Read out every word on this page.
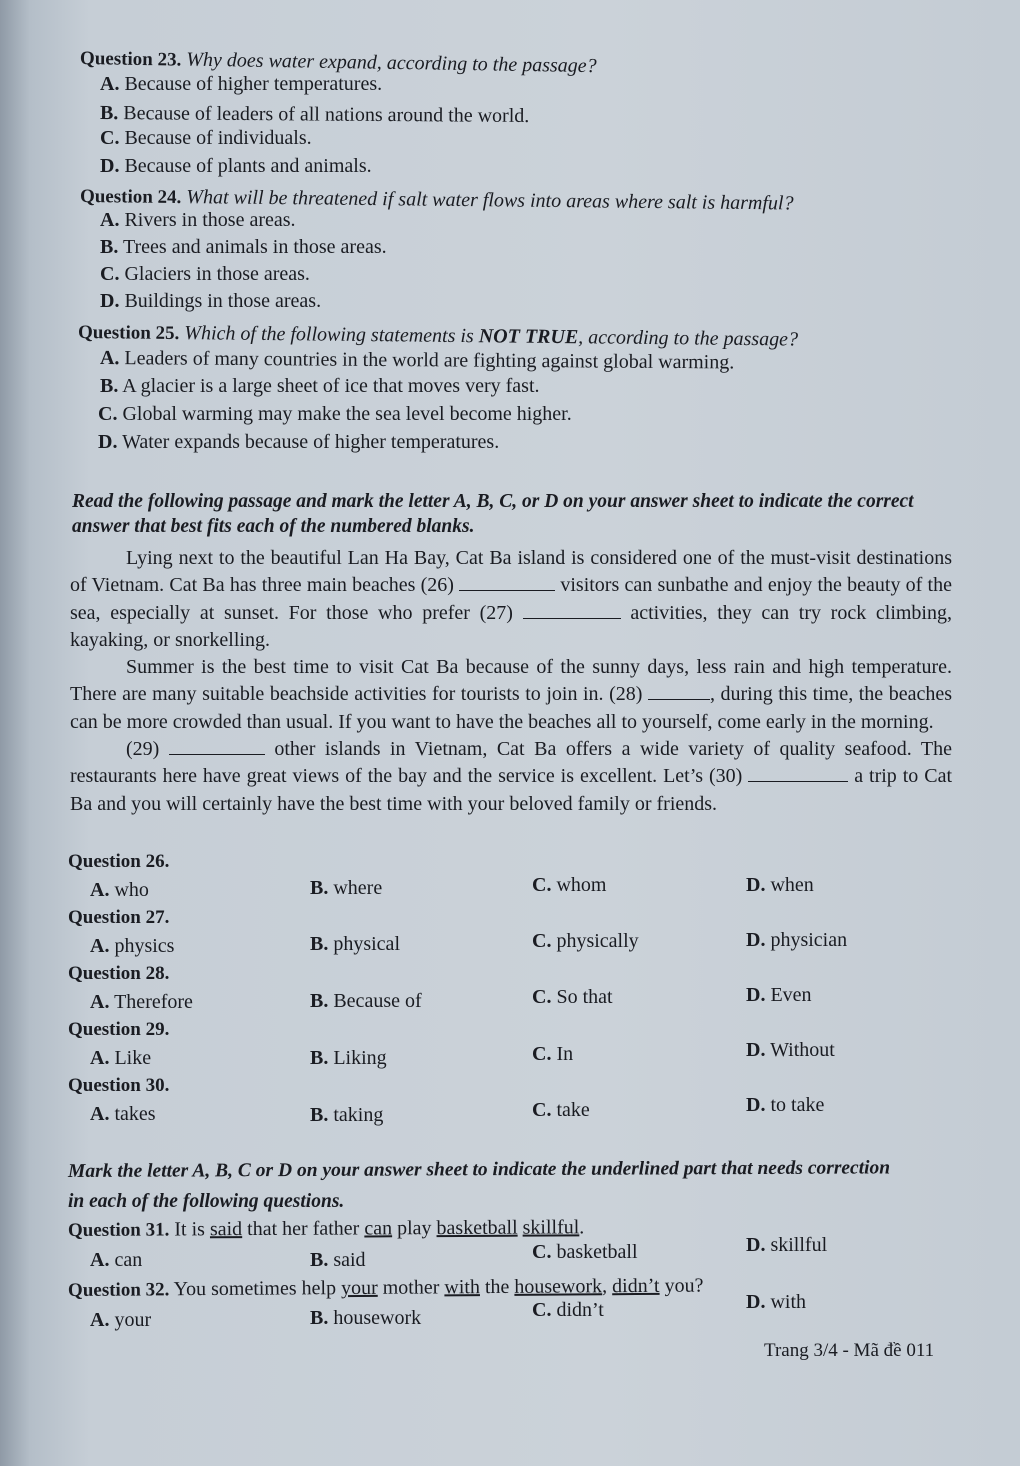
Question 23. Why does water expand, according to the passage?
A. Because of higher temperatures.
B. Because of leaders of all nations around the world.
C. Because of individuals.
D. Because of plants and animals.
Question 24. What will be threatened if salt water flows into areas where salt is harmful?
A. Rivers in those areas.
B. Trees and animals in those areas.
C. Glaciers in those areas.
D. Buildings in those areas.
Question 25. Which of the following statements is NOT TRUE, according to the passage?
A. Leaders of many countries in the world are fighting against global warming.
B. A glacier is a large sheet of ice that moves very fast.
C. Global warming may make the sea level become higher.
D. Water expands because of higher temperatures.
Read the following passage and mark the letter A, B, C, or D on your answer sheet to indicate the correct
answer that best fits each of the numbered blanks.
Lying next to the beautiful Lan Ha Bay, Cat Ba island is considered one of the must-visit destinations of Vietnam. Cat Ba has three main beaches (26)	visitors can sunbathe and enjoy the beauty of the sea, especially at sunset. For those who prefer (27)	activities, they can try rock climbing, kayaking, or snorkelling.
Summer is the best time to visit Cat Ba because of the sunny days, less rain and high temperature. There are many suitable beachside activities for tourists to join in. (28)	, during this time, the beaches can be more crowded than usual. If you want to have the beaches all to yourself, come early in the morning.
(29)	other islands in Vietnam, Cat Ba offers a wide variety of quality seafood. The restaurants here have great views of the bay and the service is excellent. Let’s (30)	a trip to Cat Ba and you will certainly have the best time with your beloved family or friends.
Question 26.
A. who	B. where	C. whom	D. when
Question 27.
A. physics	B. physical	C. physically	D. physician
Question 28.
A. Therefore	B. Because of	C. So that	D. Even
Question 29.
A. Like	B. Liking	C. In	D. Without
Question 30.
A. takes	B. taking	C. take	D. to take
Mark the letter A, B, C or D on your answer sheet to indicate the underlined part that needs correction
in each of the following questions.
Question 31. It is said that her father can play basketball skillful.
A. can	B. said	C. basketball	D. skillful
Question 32. You sometimes help your mother with the housework, didn’t you?
A. your	B. housework	C. didn’t	D. with
Trang 3/4 - Mã đề 011
